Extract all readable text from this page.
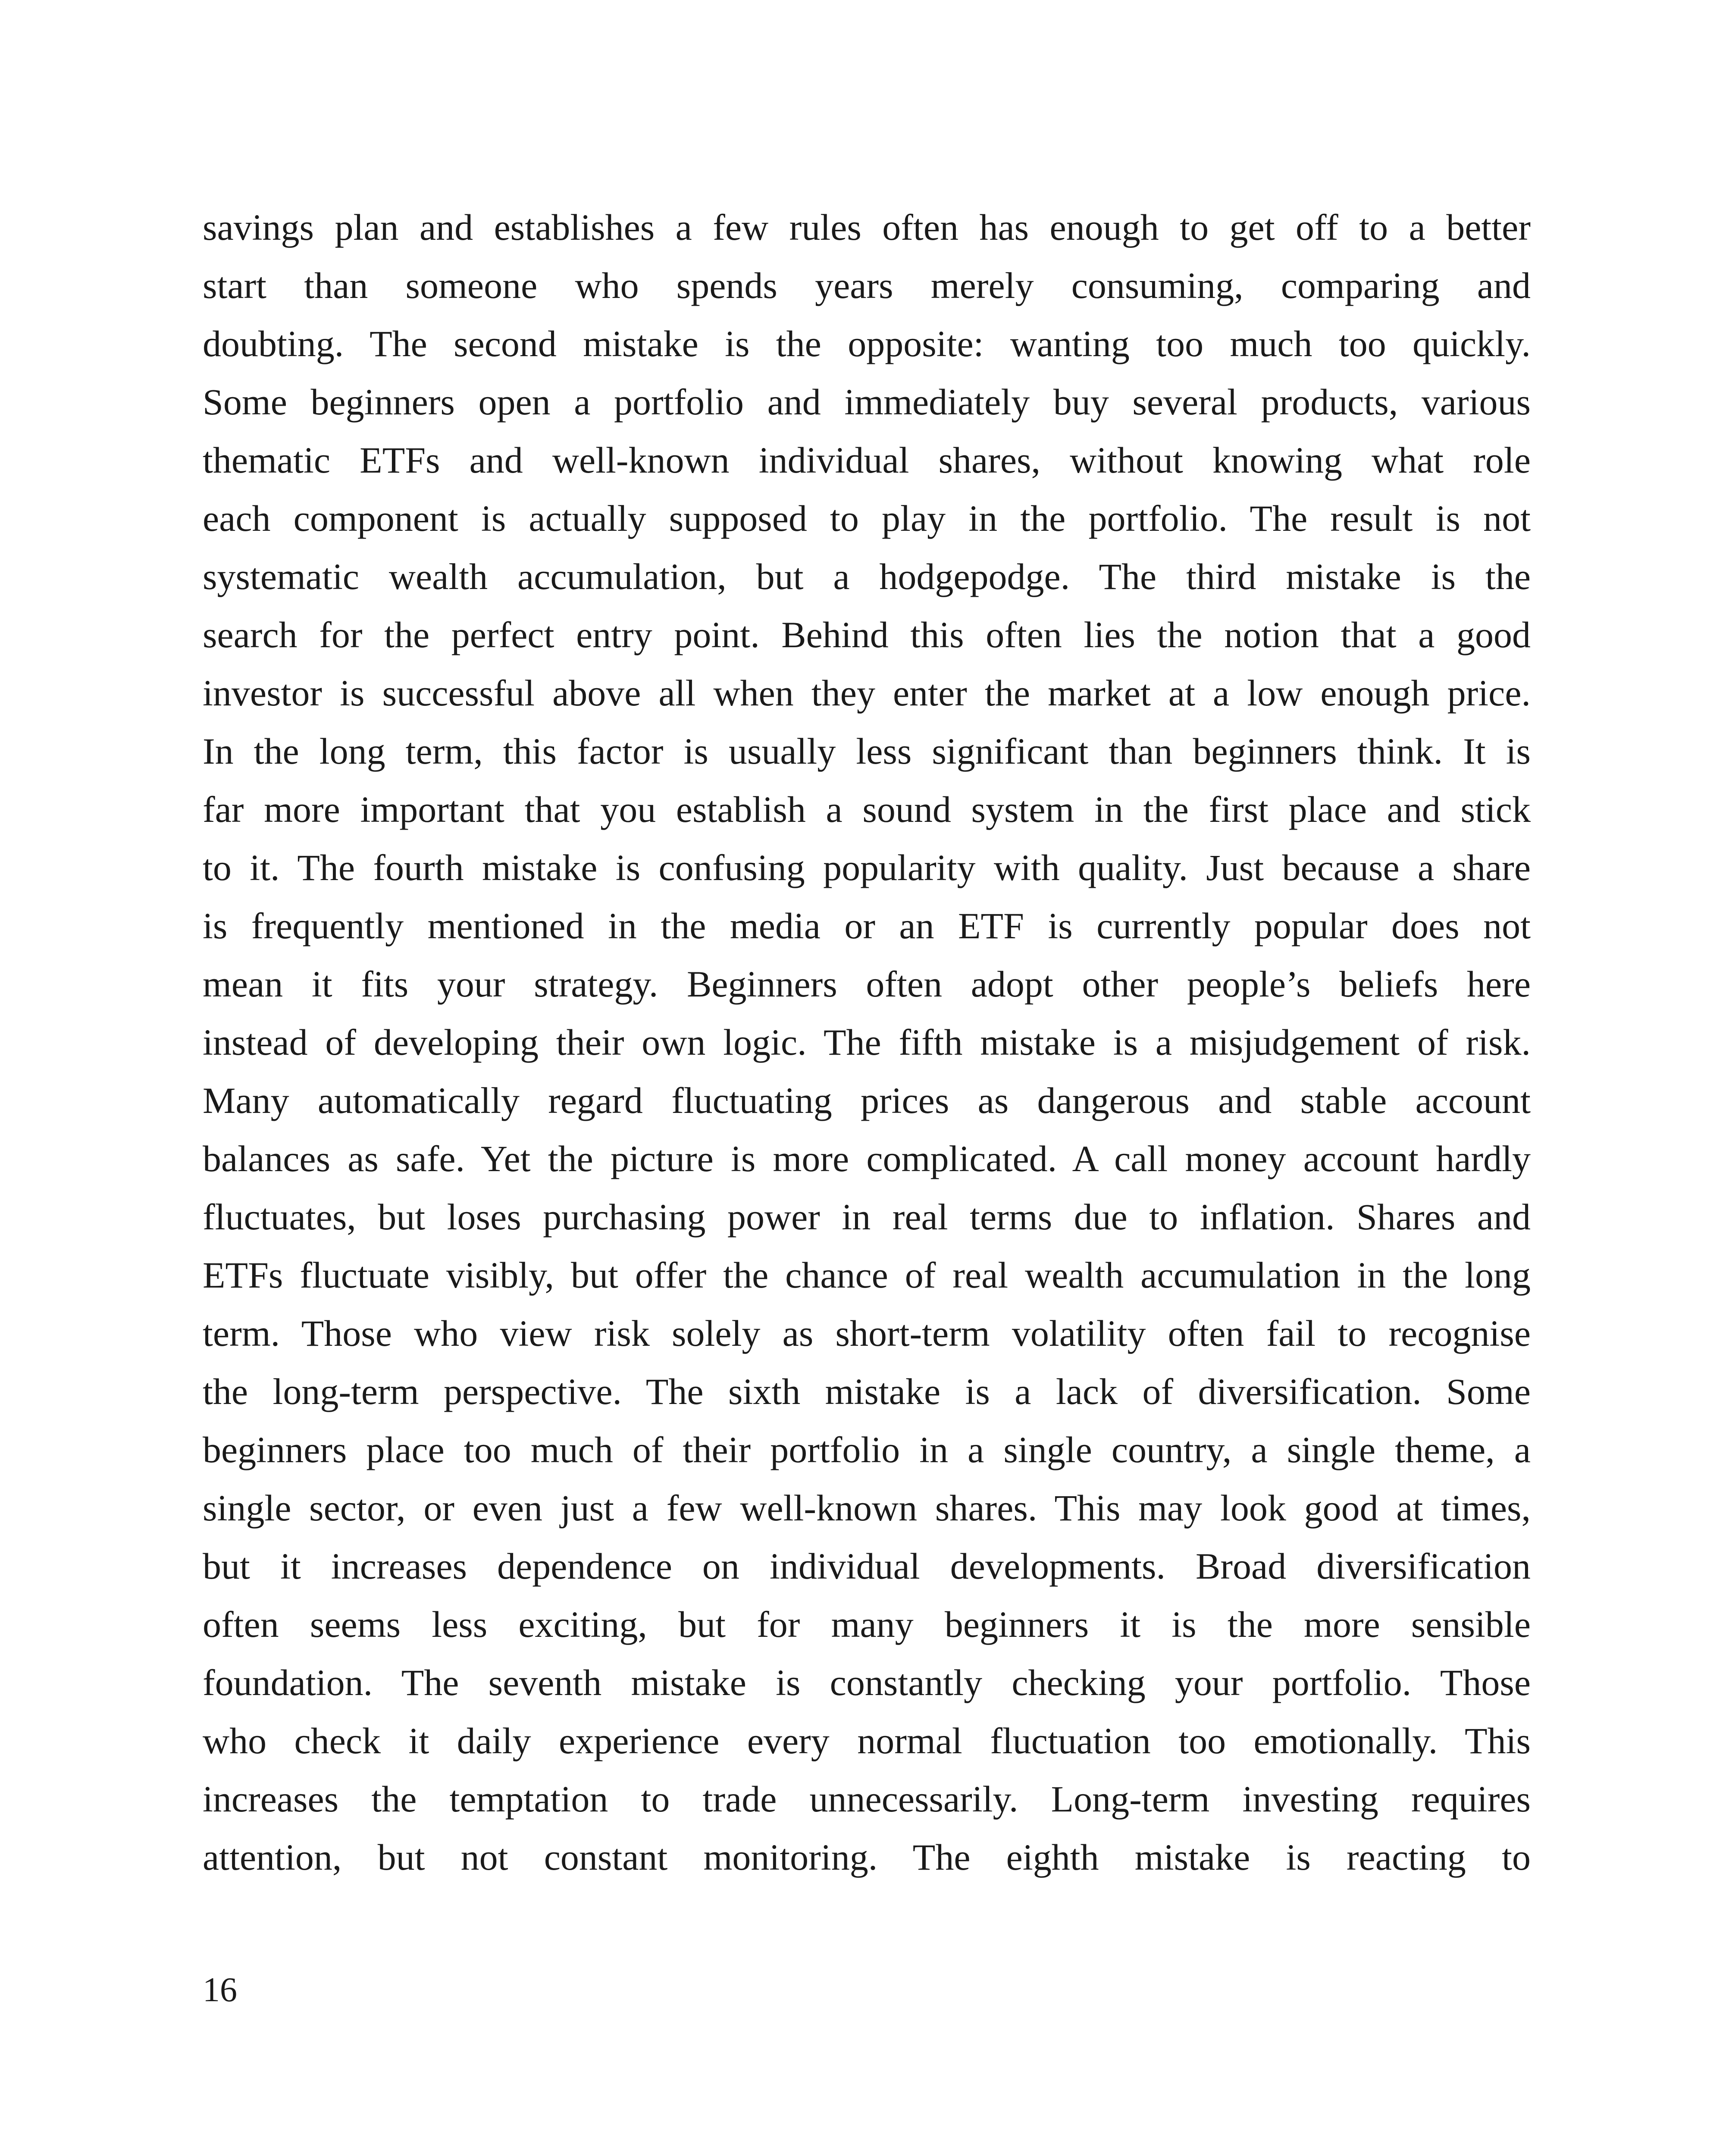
savings plan and establishes a few rules often has enough to get off to a better
start than someone who spends years merely consuming, comparing and
doubting. The second mistake is the opposite: wanting too much too quickly.
Some beginners open a portfolio and immediately buy several products, various
thematic ETFs and well-known individual shares, without knowing what role
each component is actually supposed to play in the portfolio. The result is not
systematic wealth accumulation, but a hodgepodge. The third mistake is the
search for the perfect entry point. Behind this often lies the notion that a good
investor is successful above all when they enter the market at a low enough price.
In the long term, this factor is usually less significant than beginners think. It is
far more important that you establish a sound system in the first place and stick
to it. The fourth mistake is confusing popularity with quality. Just because a share
is frequently mentioned in the media or an ETF is currently popular does not
mean it fits your strategy. Beginners often adopt other people’s beliefs here
instead of developing their own logic. The fifth mistake is a misjudgement of risk.
Many automatically regard fluctuating prices as dangerous and stable account
balances as safe. Yet the picture is more complicated. A call money account hardly
fluctuates, but loses purchasing power in real terms due to inflation. Shares and
ETFs fluctuate visibly, but offer the chance of real wealth accumulation in the long
term. Those who view risk solely as short-term volatility often fail to recognise
the long-term perspective. The sixth mistake is a lack of diversification. Some
beginners place too much of their portfolio in a single country, a single theme, a
single sector, or even just a few well-known shares. This may look good at times,
but it increases dependence on individual developments. Broad diversification
often seems less exciting, but for many beginners it is the more sensible
foundation. The seventh mistake is constantly checking your portfolio. Those
who check it daily experience every normal fluctuation too emotionally. This
increases the temptation to trade unnecessarily. Long-term investing requires
attention, but not constant monitoring. The eighth mistake is reacting to
16
